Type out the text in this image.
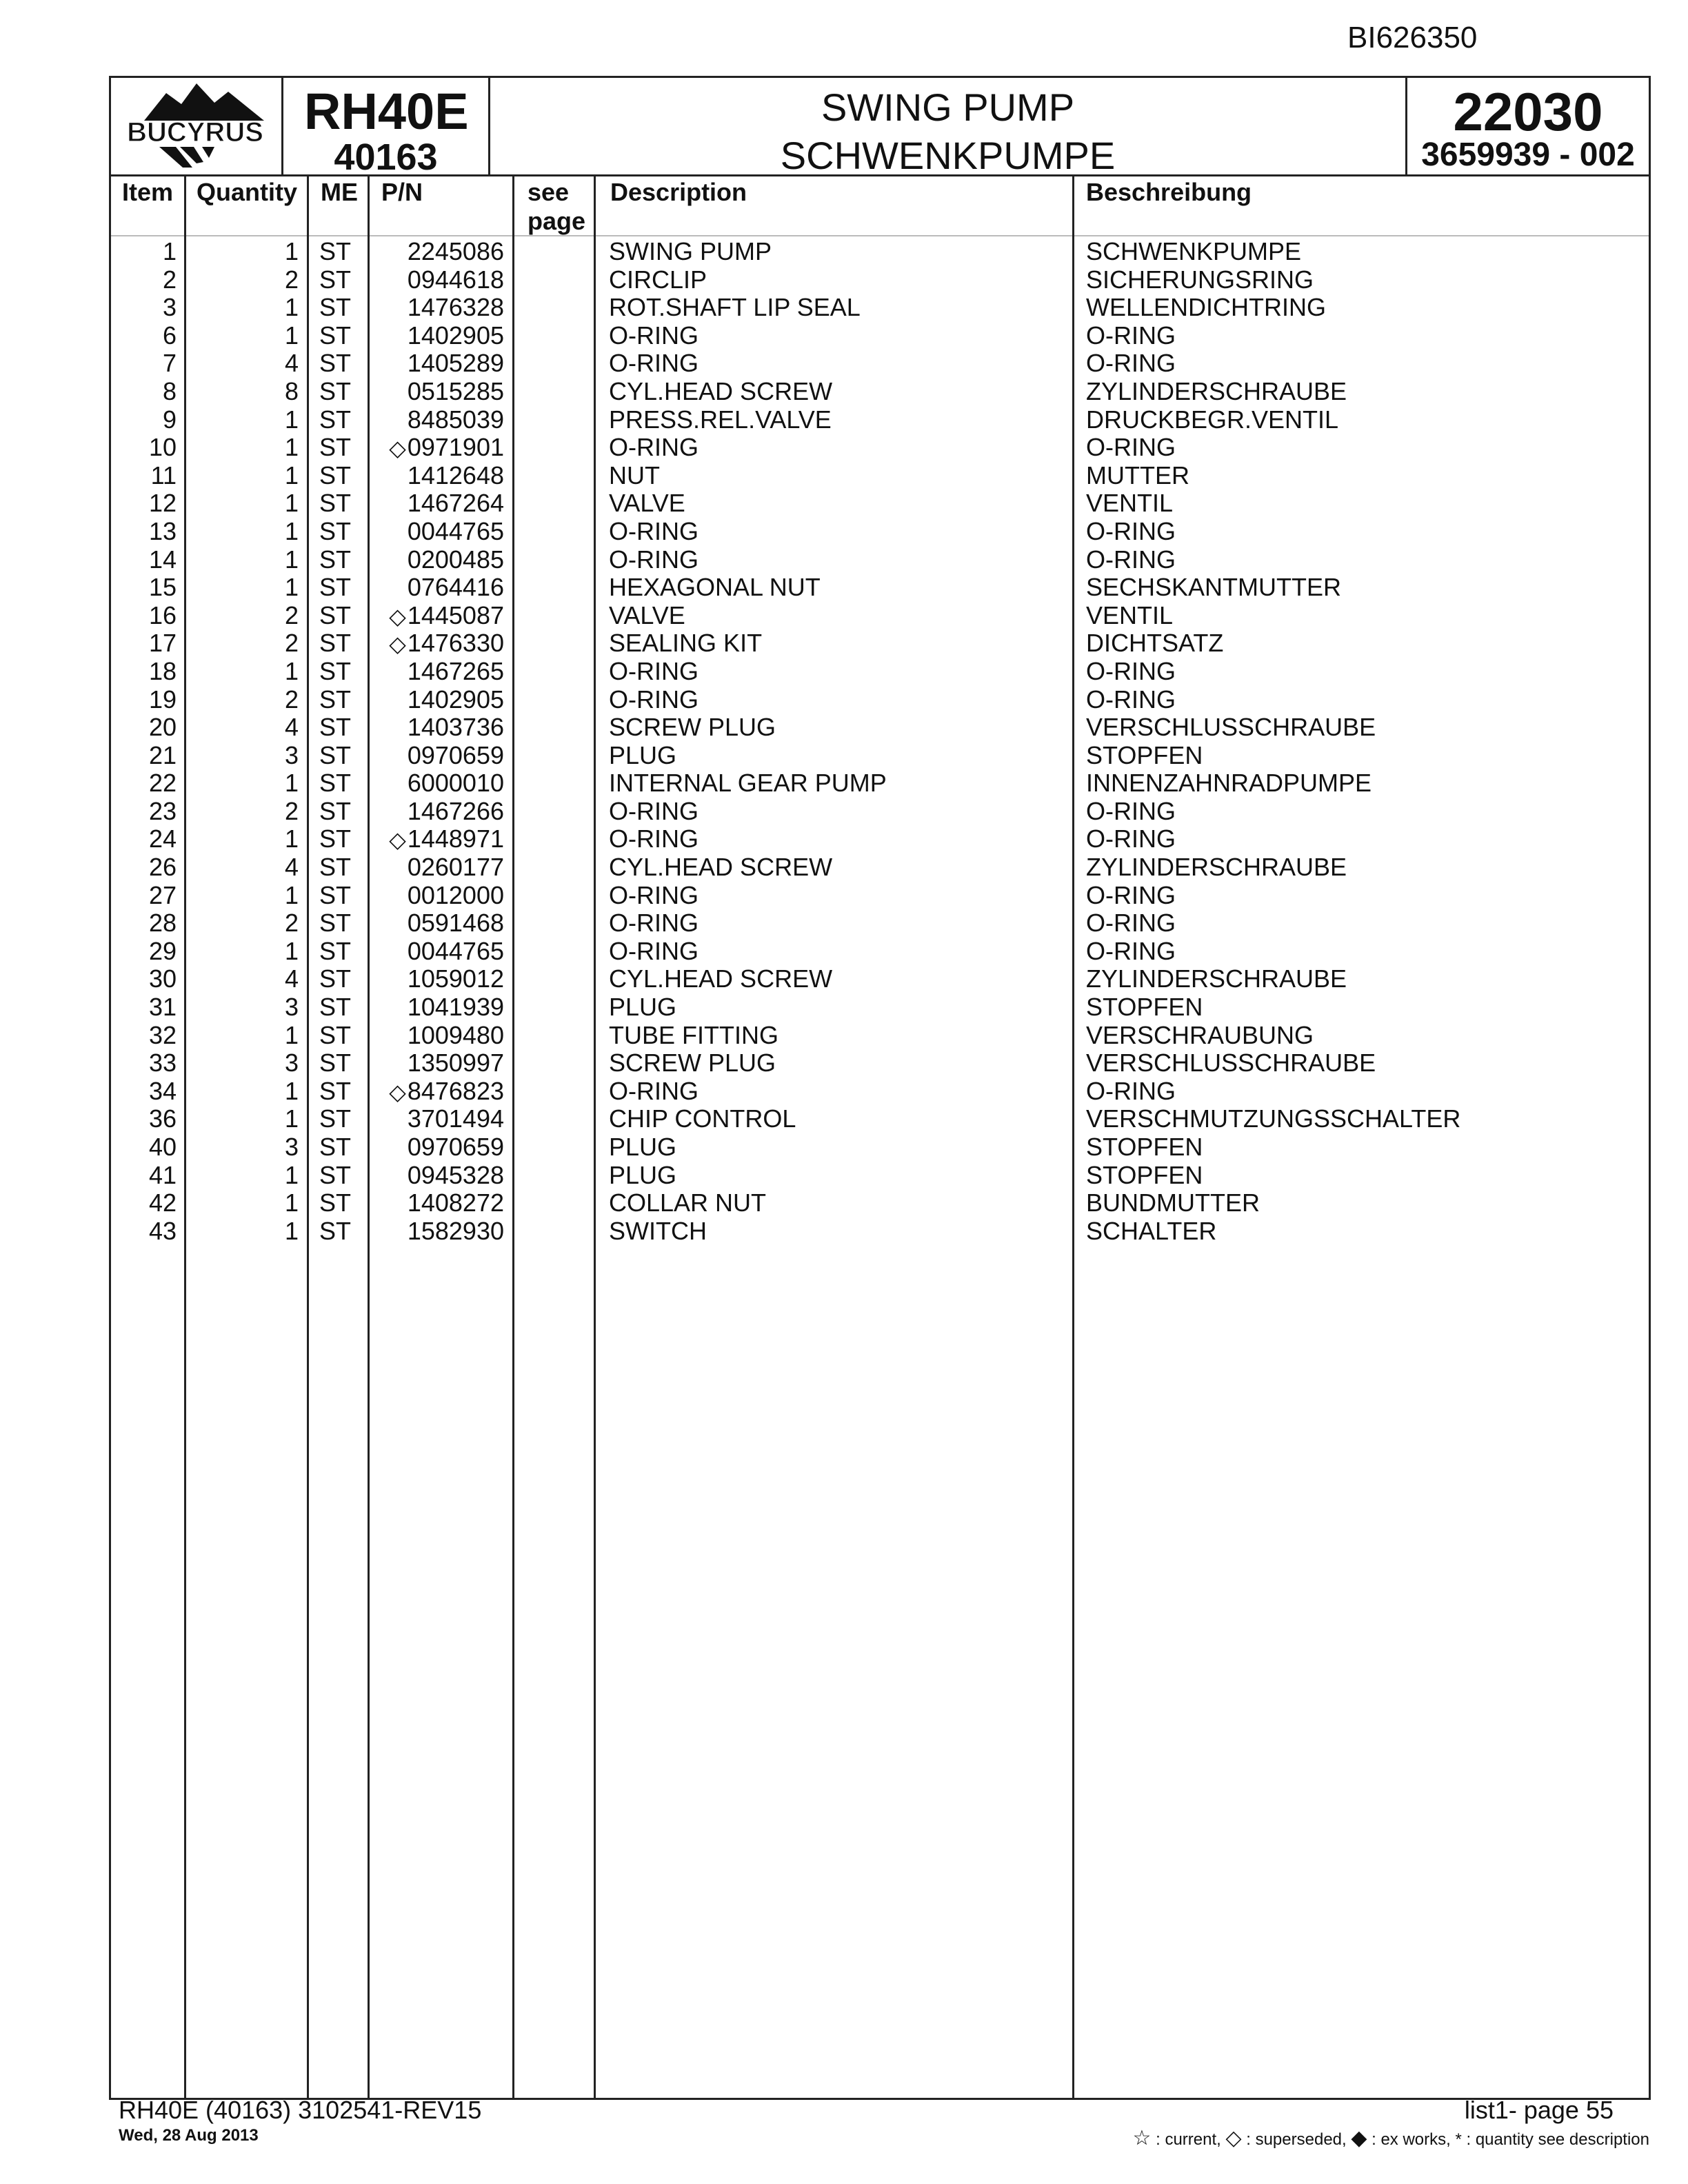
BI626350
BUCYRUS RH40E
40163
SWING PUMP
SCHWENKPUMPE
22030
3659939 - 002
Item Quantity ME P/N	see
page
Description	Beschreibung
1	1 ST 2245086	SWING PUMP	SCHWENKPUMPE
2	2 ST 0944618	CIRCLIP	SICHERUNGSRING
3	1 ST 1476328	ROT.SHAFT LIP SEAL	WELLENDICHTRING
6	1 ST 1402905	O-RING	O-RING
7	4 ST 1405289	O-RING	O-RING
8	8 ST 0515285	CYL.HEAD SCREW	ZYLINDERSCHRAUBE
9	1 ST 8485039	PRESS.REL.VALVE	DRUCKBEGR.VENTIL
10	1 ST ◇0971901	O-RING	O-RING
11	1 ST 1412648	NUT	MUTTER
12	1 ST 1467264	VALVE	VENTIL
13	1 ST 0044765	O-RING	O-RING
14	1 ST 0200485	O-RING	O-RING
15	1 ST 0764416	HEXAGONAL NUT	SECHSKANTMUTTER
16	2 ST ◇1445087	VALVE	VENTIL
17	2 ST ◇1476330	SEALING KIT	DICHTSATZ
18	1 ST 1467265	O-RING	O-RING
19	2 ST 1402905	O-RING	O-RING
20	4 ST 1403736	SCREW PLUG	VERSCHLUSSCHRAUBE
21	3 ST 0970659	PLUG	STOPFEN
22	1 ST 6000010	INTERNAL GEAR PUMP	INNENZAHNRADPUMPE
23	2 ST 1467266	O-RING	O-RING
24	1 ST ◇1448971	O-RING	O-RING
26	4 ST 0260177	CYL.HEAD SCREW	ZYLINDERSCHRAUBE
27	1 ST 0012000	O-RING	O-RING
28	2 ST 0591468	O-RING	O-RING
29	1 ST 0044765	O-RING	O-RING
30	4 ST 1059012	CYL.HEAD SCREW	ZYLINDERSCHRAUBE
31	3 ST 1041939	PLUG	STOPFEN
32	1 ST 1009480	TUBE FITTING	VERSCHRAUBUNG
33	3 ST 1350997	SCREW PLUG	VERSCHLUSSCHRAUBE
34	1 ST ◇8476823	O-RING	O-RING
36	1 ST 3701494	CHIP CONTROL	VERSCHMUTZUNGSSCHALTER
40	3 ST 0970659	PLUG	STOPFEN
41	1 ST 0945328	PLUG	STOPFEN
42	1 ST 1408272	COLLAR NUT	BUNDMUTTER
43	1 ST 1582930	SWITCH	SCHALTER
RH40E (40163) 3102541-REV15
Wed, 28 Aug 2013
list1- page 55
☆ : current, ◇ : superseded, ◆ : ex works, * : quantity see description
